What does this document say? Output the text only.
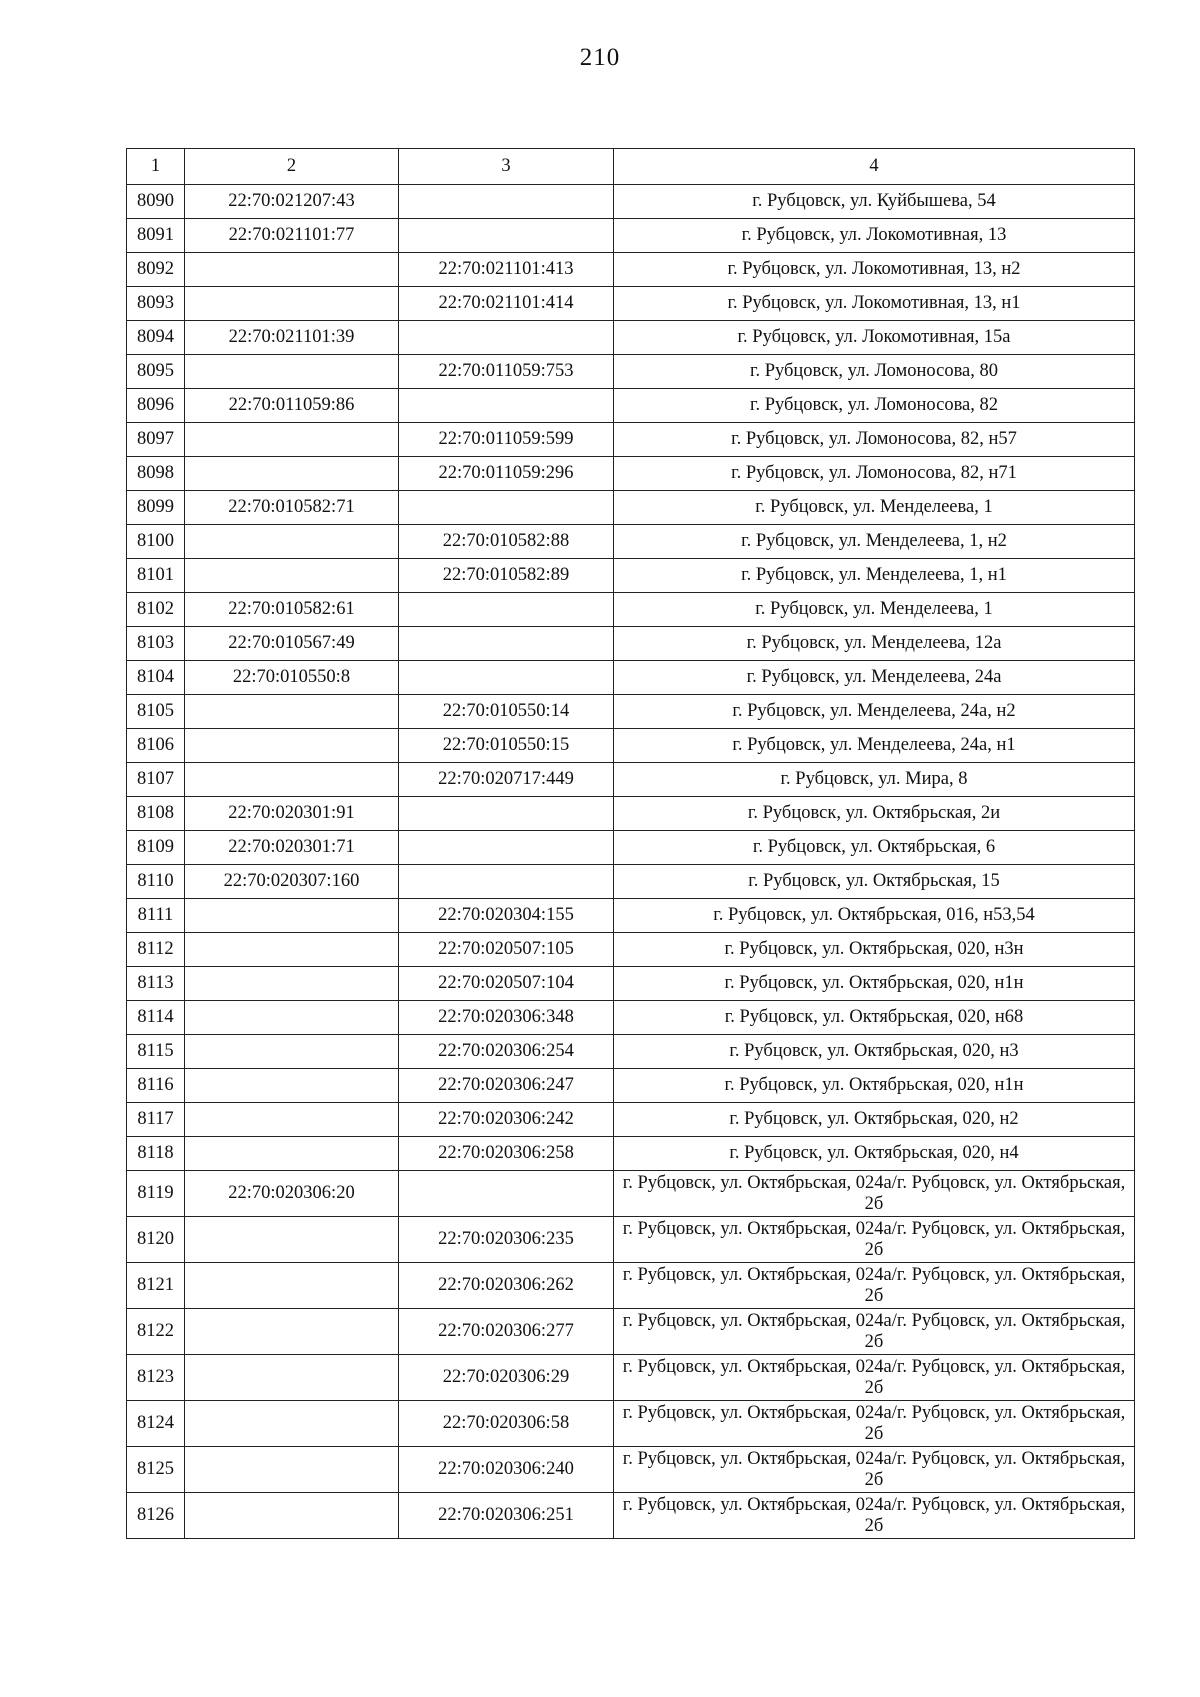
210
1	2	3	4
8090	22:70:021207:43		г. Рубцовск, ул. Куйбышева, 54
8091	22:70:021101:77		г. Рубцовск, ул. Локомотивная, 13
8092		22:70:021101:413	г. Рубцовск, ул. Локомотивная, 13, н2
8093		22:70:021101:414	г. Рубцовск, ул. Локомотивная, 13, н1
8094	22:70:021101:39		г. Рубцовск, ул. Локомотивная, 15а
8095		22:70:011059:753	г. Рубцовск, ул. Ломоносова, 80
8096	22:70:011059:86		г. Рубцовск, ул. Ломоносова, 82
8097		22:70:011059:599	г. Рубцовск, ул. Ломоносова, 82, н57
8098		22:70:011059:296	г. Рубцовск, ул. Ломоносова, 82, н71
8099	22:70:010582:71		г. Рубцовск, ул. Менделеева, 1
8100		22:70:010582:88	г. Рубцовск, ул. Менделеева, 1, н2
8101		22:70:010582:89	г. Рубцовск, ул. Менделеева, 1, н1
8102	22:70:010582:61		г. Рубцовск, ул. Менделеева, 1
8103	22:70:010567:49		г. Рубцовск, ул. Менделеева, 12а
8104	22:70:010550:8		г. Рубцовск, ул. Менделеева, 24а
8105		22:70:010550:14	г. Рубцовск, ул. Менделеева, 24а, н2
8106		22:70:010550:15	г. Рубцовск, ул. Менделеева, 24а, н1
8107		22:70:020717:449	г. Рубцовск, ул. Мира, 8
8108	22:70:020301:91		г. Рубцовск, ул. Октябрьская, 2и
8109	22:70:020301:71		г. Рубцовск, ул. Октябрьская, 6
8110	22:70:020307:160		г. Рубцовск, ул. Октябрьская, 15
8111		22:70:020304:155	г. Рубцовск, ул. Октябрьская, 016, н53,54
8112		22:70:020507:105	г. Рубцовск, ул. Октябрьская, 020, н3н
8113		22:70:020507:104	г. Рубцовск, ул. Октябрьская, 020, н1н
8114		22:70:020306:348	г. Рубцовск, ул. Октябрьская, 020, н68
8115		22:70:020306:254	г. Рубцовск, ул. Октябрьская, 020, н3
8116		22:70:020306:247	г. Рубцовск, ул. Октябрьская, 020, н1н
8117		22:70:020306:242	г. Рубцовск, ул. Октябрьская, 020, н2
8118		22:70:020306:258	г. Рубцовск, ул. Октябрьская, 020, н4
8119	22:70:020306:20		г. Рубцовск, ул. Октябрьская, 024а/г. Рубцовск, ул. Октябрьская, 2б
8120		22:70:020306:235	г. Рубцовск, ул. Октябрьская, 024а/г. Рубцовск, ул. Октябрьская, 2б
8121		22:70:020306:262	г. Рубцовск, ул. Октябрьская, 024а/г. Рубцовск, ул. Октябрьская, 2б
8122		22:70:020306:277	г. Рубцовск, ул. Октябрьская, 024а/г. Рубцовск, ул. Октябрьская, 2б
8123		22:70:020306:29	г. Рубцовск, ул. Октябрьская, 024а/г. Рубцовск, ул. Октябрьская, 2б
8124		22:70:020306:58	г. Рубцовск, ул. Октябрьская, 024а/г. Рубцовск, ул. Октябрьская, 2б
8125		22:70:020306:240	г. Рубцовск, ул. Октябрьская, 024а/г. Рубцовск, ул. Октябрьская, 2б
8126		22:70:020306:251	г. Рубцовск, ул. Октябрьская, 024а/г. Рубцовск, ул. Октябрьская, 2б
